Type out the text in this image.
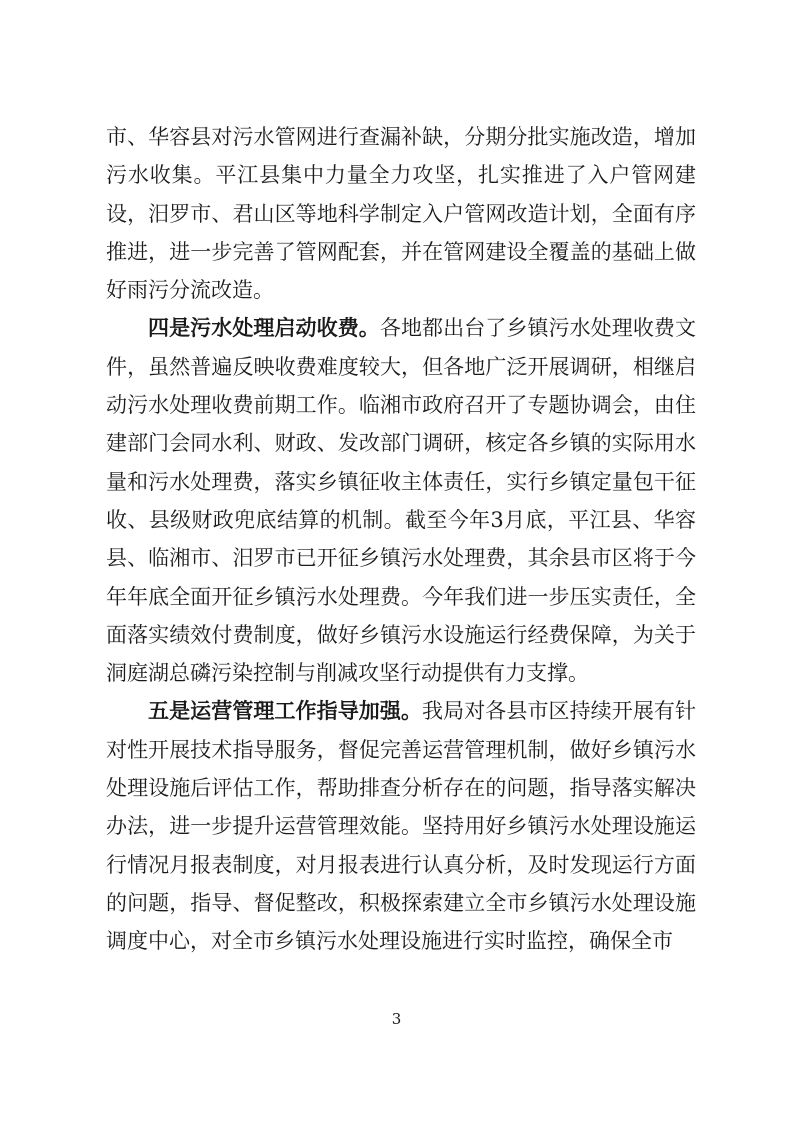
市、华容县对污水管网进行查漏补缺，分期分批实施改造，增加污水收集。平江县集中力量全力攻坚，扎实推进了入户管网建设，汨罗市、君山区等地科学制定入户管网改造计划，全面有序推进，进一步完善了管网配套，并在管网建设全覆盖的基础上做好雨污分流改造。

四是污水处理启动收费。各地都出台了乡镇污水处理收费文件，虽然普遍反映收费难度较大，但各地广泛开展调研，相继启动污水处理收费前期工作。临湘市政府召开了专题协调会，由住建部门会同水利、财政、发改部门调研，核定各乡镇的实际用水量和污水处理费，落实乡镇征收主体责任，实行乡镇定量包干征收、县级财政兜底结算的机制。截至今年3月底，平江县、华容县、临湘市、汨罗市已开征乡镇污水处理费，其余县市区将于今年年底全面开征乡镇污水处理费。今年我们进一步压实责任，全面落实绩效付费制度，做好乡镇污水设施运行经费保障，为关于洞庭湖总磷污染控制与削减攻坚行动提供有力支撑。

五是运营管理工作指导加强。我局对各县市区持续开展有针对性开展技术指导服务，督促完善运营管理机制，做好乡镇污水处理设施后评估工作，帮助排查分析存在的问题，指导落实解决办法，进一步提升运营管理效能。坚持用好乡镇污水处理设施运行情况月报表制度，对月报表进行认真分析，及时发现运行方面的问题，指导、督促整改，积极探索建立全市乡镇污水处理设施调度中心，对全市乡镇污水处理设施进行实时监控，确保全市

3
